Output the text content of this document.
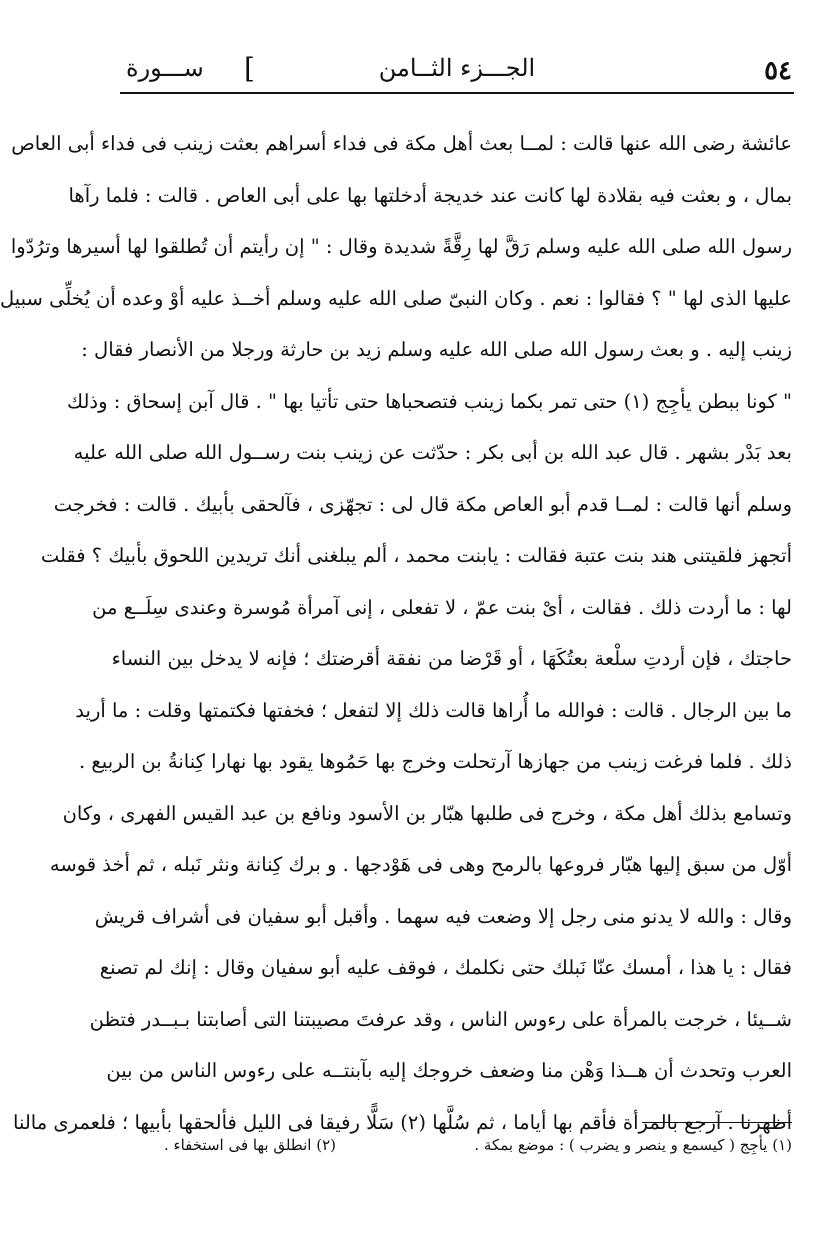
٥٤
الجـــزء الثــامن
]
ســـورة
عائشة رضى الله عنها قالت : لمــا بعث أهل مكة فى فداء أسراهم بعثت زينب فى فداء أبى العاص
بمال ، و بعثت فيه بقلادة لها كانت عند خديجة أدخلتها بها على أبى العاص . قالت : فلما رآها
رسول الله صلى الله عليه وسلم رَقَّ لها رِقَّةً شديدة وقال : " إن رأيتم أن تُطلقوا لها أسيرها وترُدّوا
عليها الذى لها " ؟ فقالوا : نعم . وكان النبىّ صلى الله عليه وسلم أخــذ عليه أوْ وعده أن يُخلِّى سبيل
زينب إليه . و بعث رسول الله صلى الله عليه وسلم زيد بن حارثة ورجلا من الأنصار فقال :
" كونا ببطن يأجِج (١) حتى تمر بكما زينب فتصحباها حتى تأتيا بها " . قال آبن إسحاق : وذلك
بعد بَدْر بشهر . قال عبد الله بن أبى بكر : حدّثت عن زينب بنت رســول الله صلى الله عليه
وسلم أنها قالت : لمــا قدم أبو العاص مكة قال لى : تجهّزى ، فآلحقى بأبيك . قالت : فخرجت
أتجهز فلقيتنى هند بنت عتبة فقالت : يابنت محمد ، ألم يبلغنى أنك تريدين اللحوق بأبيك ؟ فقلت
لها : ما أردت ذلك . فقالت ، أىْ بنت عمّ ، لا تفعلى ، إنى آمرأة مُوسرة وعندى سِلَــع من
حاجتك ، فإن أردتِ سلْعة بعتُكَهَا ، أو قَرْضا من نفقة أقرضتك ؛ فإنه لا يدخل بين النساء
ما بين الرجال . قالت : فوالله ما أُراها قالت ذلك إلا لتفعل ؛ فخفتها فكتمتها وقلت : ما أريد
ذلك . فلما فرغت زينب من جهازها آرتحلت وخرج بها حَمُوها يقود بها نهارا كِنانةُ بن الربيع .
وتسامع بذلك أهل مكة ، وخرج فى طلبها هبّار بن الأسود ونافع بن عبد القيس الفهرى ، وكان
أوّل من سبق إليها هبّار فروعها بالرمح وهى فى هَوْدجها . و برك كِنانة ونثر نَبله ، ثم أخذ قوسه
وقال : والله لا يدنو منى رجل إلا وضعت فيه سهما . وأقبل أبو سفيان فى أشراف قريش
فقال : يا هذا ، أمسك عنّا نَبلك حتى نكلمك ، فوقف عليه أبو سفيان وقال : إنك لم تصنع
شــيئا ، خرجت بالمرأة على رءوس الناس ، وقد عرفتَ مصيبتنا التى أصابتنا بـبــدر فتظن
العرب وتحدث أن هــذا وَهْن منا وضعف خروجك إليه بآبنتــه على رءوس الناس من بين
أظهرنا . آرجع بالمرأة فأقم بها أياما ، ثم سُلَّها (٢) سَلًّا رفيقا فى الليل فألحقها بأبيها ؛ فلعمرى مالنا
(١) يأجِج ( كيسمع و ينصر و يضرب ) : موضع بمكة .
(٢) انطلق بها فى استخفاء .
